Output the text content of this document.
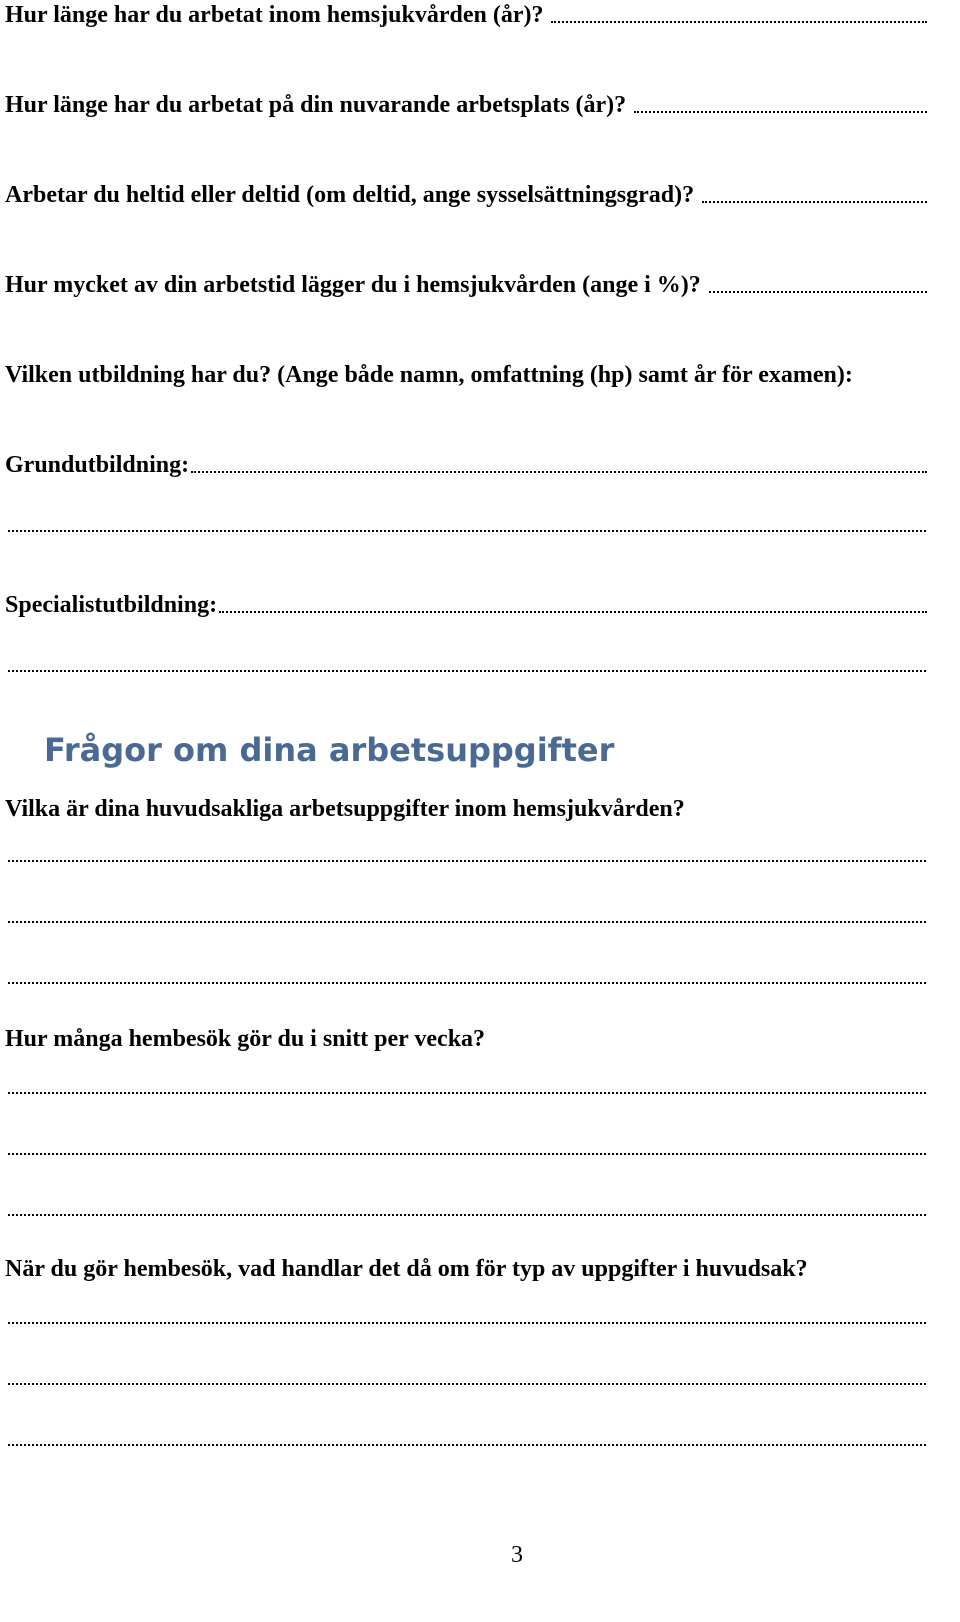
Hur länge har du arbetat inom hemsjukvården (år)?
Hur länge har du arbetat på din nuvarande arbetsplats (år)?
Arbetar du heltid eller deltid (om deltid, ange sysselsättningsgrad)?
Hur mycket av din arbetstid lägger du i hemsjukvården (ange i %)?
Vilken utbildning har du? (Ange både namn, omfattning (hp) samt år för examen):
Grundutbildning:
Specialistutbildning:
Frågor om dina arbetsuppgifter
Vilka är dina huvudsakliga arbetsuppgifter inom hemsjukvården?
Hur många hembesök gör du i snitt per vecka?
När du gör hembesök, vad handlar det då om för typ av uppgifter i huvudsak?
3
